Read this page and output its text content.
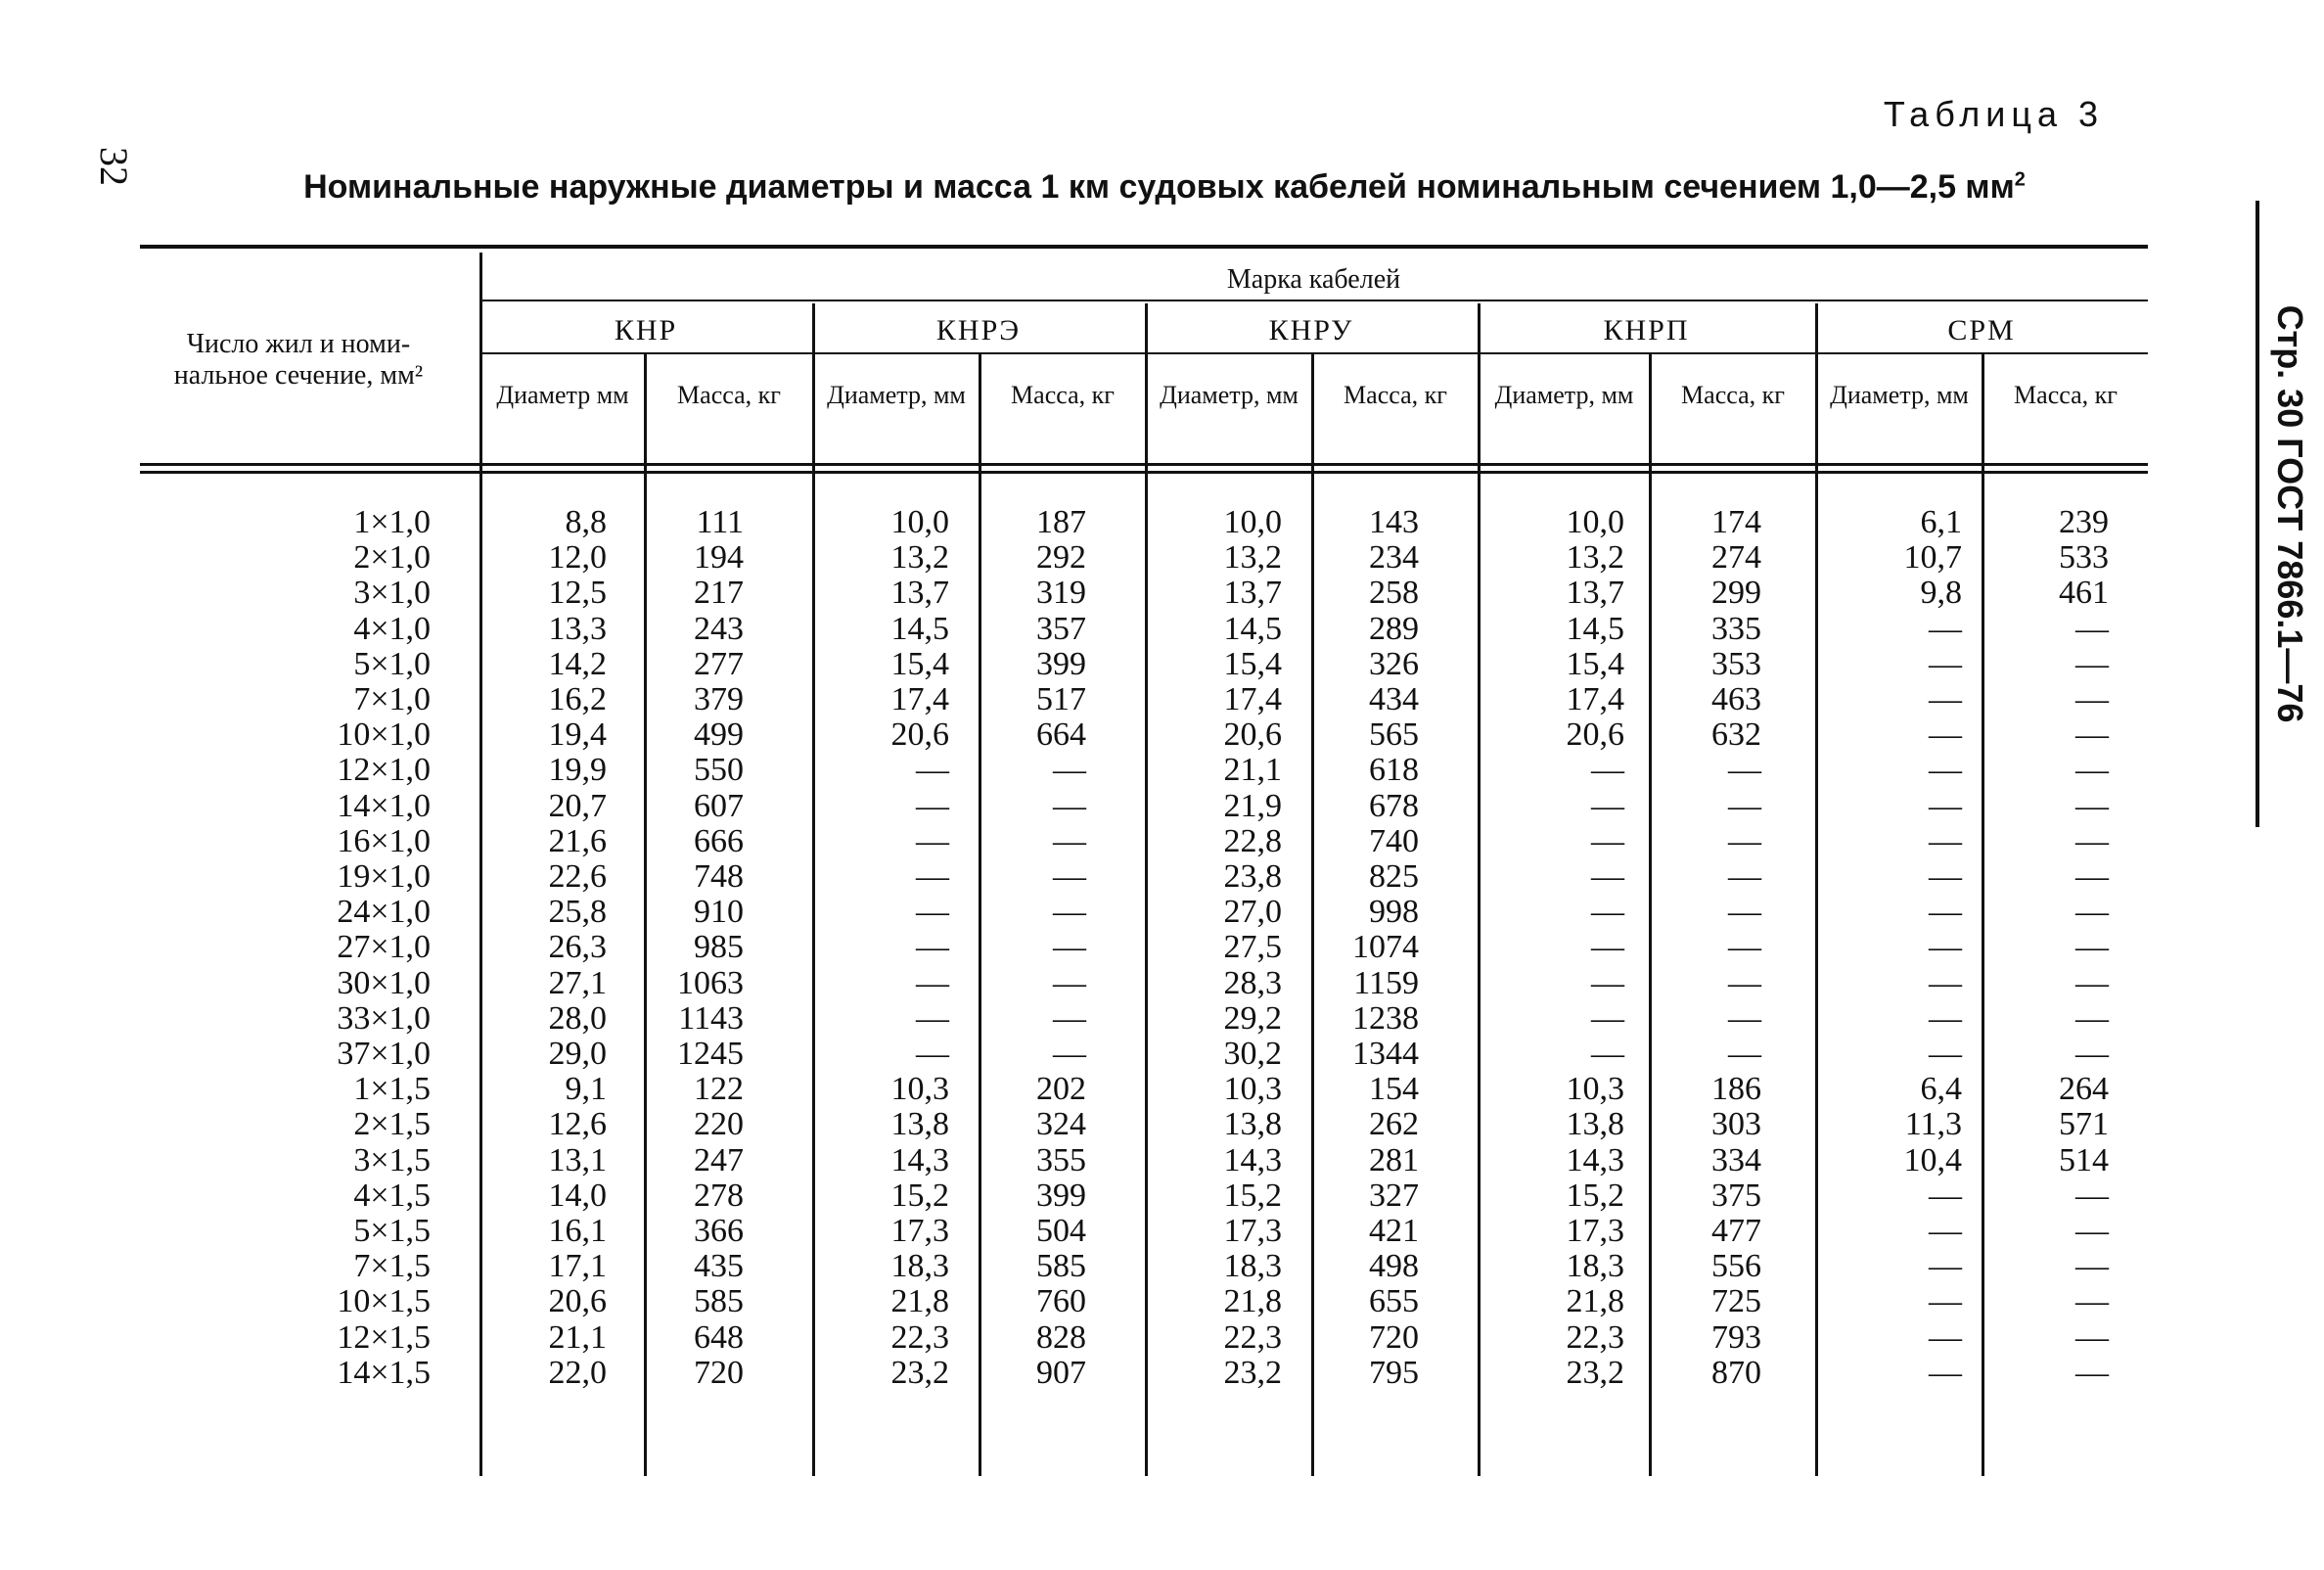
32
Стр. 30 ГОСТ 7866.1—76
Таблица 3
Номинальные наружные диаметры и масса 1 км судовых кабелей номинальным сечением 1,0—2,5 $мм^2$
Число жил и номи-нальное сечение, мм²
Марка кабелей
КНР	КНРЭ	КНРУ	КНРП	СРМ
Диаметр мм	Масса, кг	Диаметр, мм	Масса, кг	Диаметр, мм	Масса, кг	Диаметр, мм	Масса, кг	Диаметр, мм	Масса, кг
1×1,0	8,8	111	10,0	187	10,0	143	10,0	174	6,1	239
2×1,0	12,0	194	13,2	292	13,2	234	13,2	274	10,7	533
3×1,0	12,5	217	13,7	319	13,7	258	13,7	299	9,8	461
4×1,0	13,3	243	14,5	357	14,5	289	14,5	335	—	—
5×1,0	14,2	277	15,4	399	15,4	326	15,4	353	—	—
7×1,0	16,2	379	17,4	517	17,4	434	17,4	463	—	—
10×1,0	19,4	499	20,6	664	20,6	565	20,6	632	—	—
12×1,0	19,9	550	—	—	21,1	618	—	—	—	—
14×1,0	20,7	607	—	—	21,9	678	—	—	—	—
16×1,0	21,6	666	—	—	22,8	740	—	—	—	—
19×1,0	22,6	748	—	—	23,8	825	—	—	—	—
24×1,0	25,8	910	—	—	27,0	998	—	—	—	—
27×1,0	26,3	985	—	—	27,5	1074	—	—	—	—
30×1,0	27,1	1063	—	—	28,3	1159	—	—	—	—
33×1,0	28,0	1143	—	—	29,2	1238	—	—	—	—
37×1,0	29,0	1245	—	—	30,2	1344	—	—	—	—
1×1,5	9,1	122	10,3	202	10,3	154	10,3	186	6,4	264
2×1,5	12,6	220	13,8	324	13,8	262	13,8	303	11,3	571
3×1,5	13,1	247	14,3	355	14,3	281	14,3	334	10,4	514
4×1,5	14,0	278	15,2	399	15,2	327	15,2	375	—	—
5×1,5	16,1	366	17,3	504	17,3	421	17,3	477	—	—
7×1,5	17,1	435	18,3	585	18,3	498	18,3	556	—	—
10×1,5	20,6	585	21,8	760	21,8	655	21,8	725	—	—
12×1,5	21,1	648	22,3	828	22,3	720	22,3	793	—	—
14×1,5	22,0	720	23,2	907	23,2	795	23,2	870	—	—
